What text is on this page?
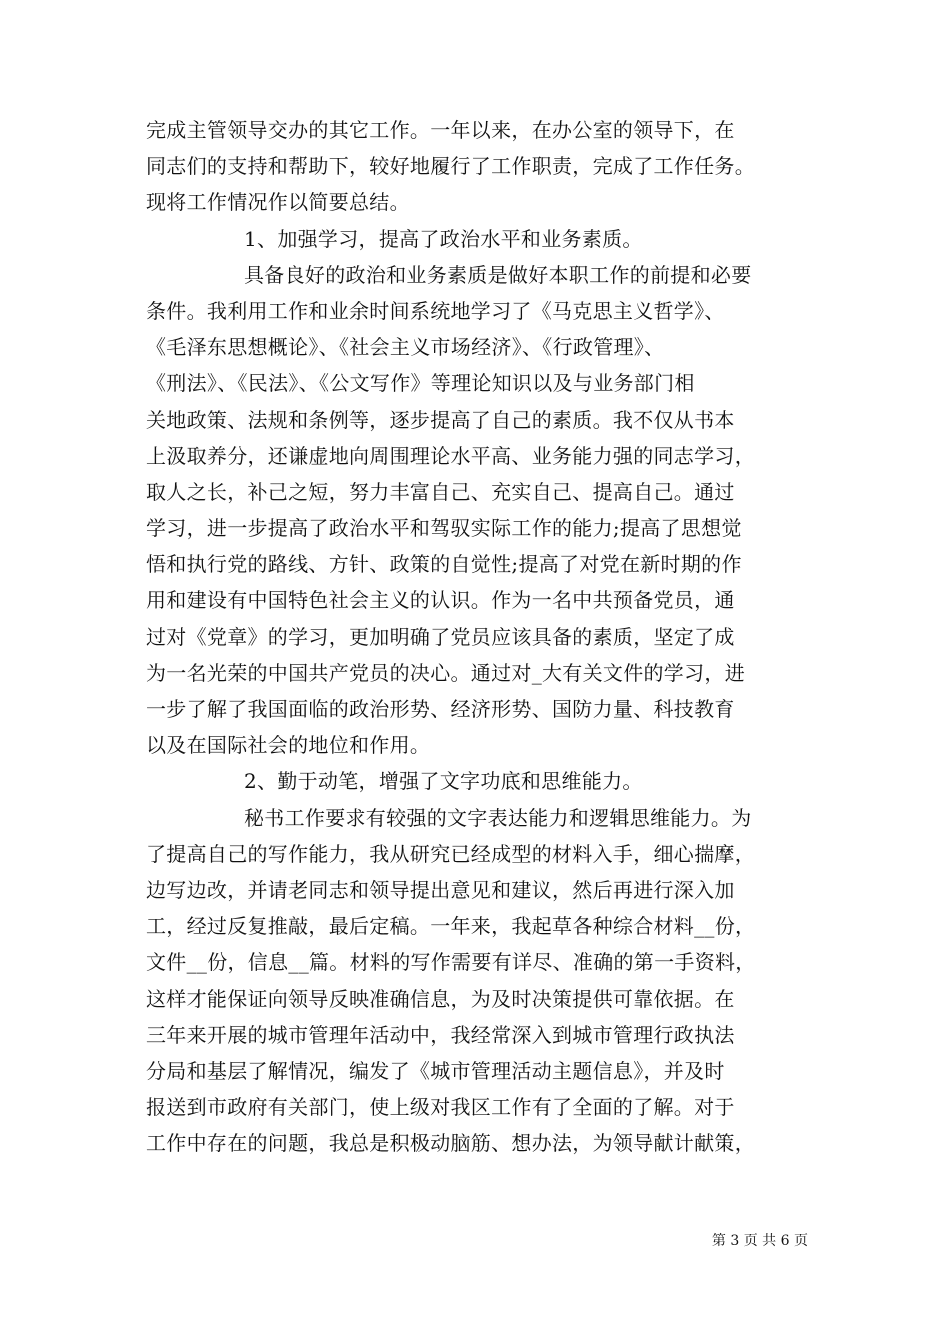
完成主管领导交办的其它工作。一年以来，在办公室的领导下，在
同志们的支持和帮助下，较好地履行了工作职责，完成了工作任务。
现将工作情况作以简要总结。
1、加强学习，提高了政治水平和业务素质。
具备良好的政治和业务素质是做好本职工作的前提和必要
条件。我利用工作和业余时间系统地学习了《马克思主义哲学》、
《毛泽东思想概论》、《社会主义市场经济》、《行政管理》、
《刑法》、《民法》、《公文写作》等理论知识以及与业务部门相
关地政策、法规和条例等，逐步提高了自己的素质。我不仅从书本
上汲取养分，还谦虚地向周围理论水平高、业务能力强的同志学习，
取人之长，补己之短，努力丰富自己、充实自己、提高自己。通过
学习，进一步提高了政治水平和驾驭实际工作的能力;提高了思想觉
悟和执行党的路线、方针、政策的自觉性;提高了对党在新时期的作
用和建设有中国特色社会主义的认识。作为一名中共预备党员，通
过对《党章》的学习，更加明确了党员应该具备的素质，坚定了成
为一名光荣的中国共产党员的决心。通过对_大有关文件的学习，进
一步了解了我国面临的政治形势、经济形势、国防力量、科技教育
以及在国际社会的地位和作用。
2、勤于动笔，增强了文字功底和思维能力。
秘书工作要求有较强的文字表达能力和逻辑思维能力。为
了提高自己的写作能力，我从研究已经成型的材料入手，细心揣摩，
边写边改，并请老同志和领导提出意见和建议，然后再进行深入加
工，经过反复推敲，最后定稿。一年来，我起草各种综合材料__份，
文件__份，信息__篇。材料的写作需要有详尽、准确的第一手资料，
这样才能保证向领导反映准确信息，为及时决策提供可靠依据。在
三年来开展的城市管理年活动中，我经常深入到城市管理行政执法
分局和基层了解情况，编发了《城市管理活动主题信息》，并及时
报送到市政府有关部门，使上级对我区工作有了全面的了解。对于
工作中存在的问题，我总是积极动脑筋、想办法，为领导献计献策，
第 3 页 共 6 页
